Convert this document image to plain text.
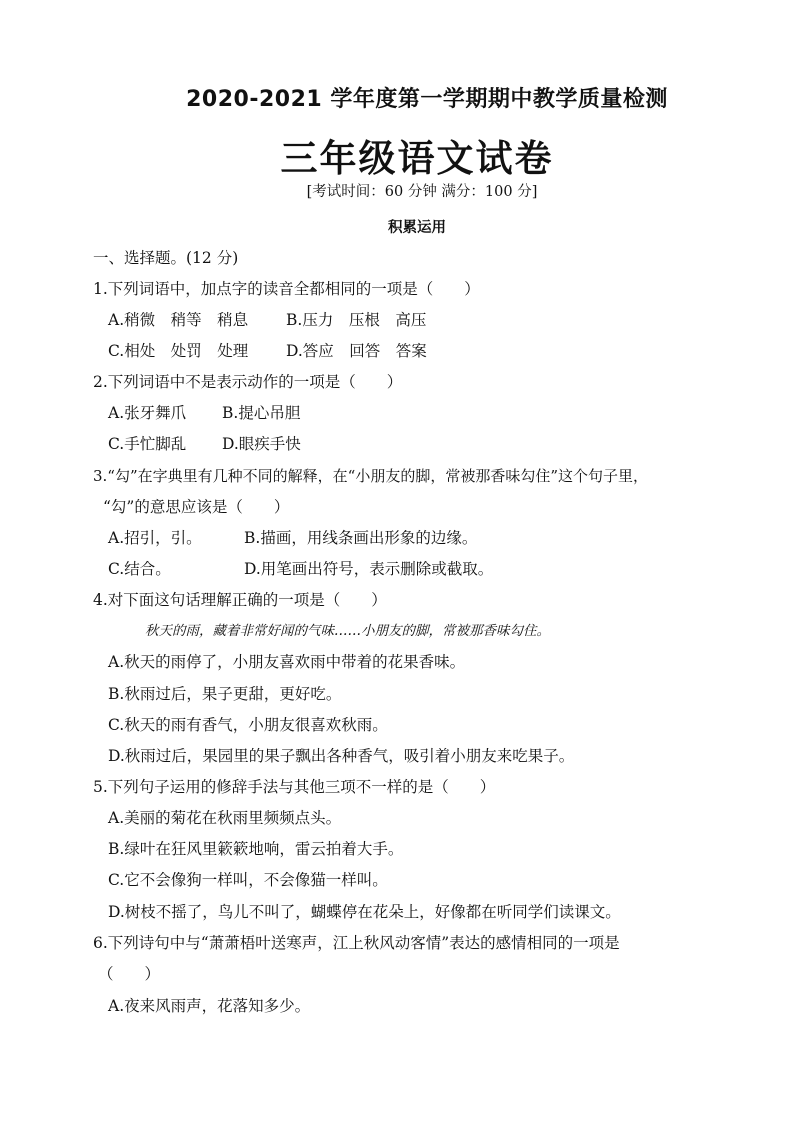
2020-2021 学年度第一学期期中教学质量检测
三年级语文试卷
[考试时间：60 分钟 满分：100 分]
积累运用
一、选择题。(12 分)
1.下列词语中，加点字的读音全都相同的一项是（　　）
A.稍微　稍等　稍息 B.压力　压根　高压
C.相处　处罚　处理 D.答应　回答　答案
2.下列词语中不是表示动作的一项是（　　）
A.张牙舞爪 B.提心吊胆
C.手忙脚乱 D.眼疾手快
3.“勾”在字典里有几种不同的解释，在“小朋友的脚，常被那香味勾住”这个句子里，
“勾”的意思应该是（　　）
A.招引，引。	B.描画，用线条画出形象的边缘。
C.结合。	D.用笔画出符号，表示删除或截取。
4.对下面这句话理解正确的一项是（　　）
秋天的雨，藏着非常好闻的气味……小朋友的脚，常被那香味勾住。
A.秋天的雨停了，小朋友喜欢雨中带着的花果香味。
B.秋雨过后，果子更甜，更好吃。
C.秋天的雨有香气，小朋友很喜欢秋雨。
D.秋雨过后，果园里的果子飘出各种香气，吸引着小朋友来吃果子。
5.下列句子运用的修辞手法与其他三项不一样的是（　　）
A.美丽的菊花在秋雨里频频点头。
B.绿叶在狂风里簌簌地响，雷云拍着大手。
C.它不会像狗一样叫，不会像猫一样叫。
D.树枝不摇了，鸟儿不叫了，蝴蝶停在花朵上，好像都在听同学们读课文。
6.下列诗句中与“萧萧梧叶送寒声，江上秋风动客情”表达的感情相同的一项是
（　　）
A.夜来风雨声，花落知多少。
